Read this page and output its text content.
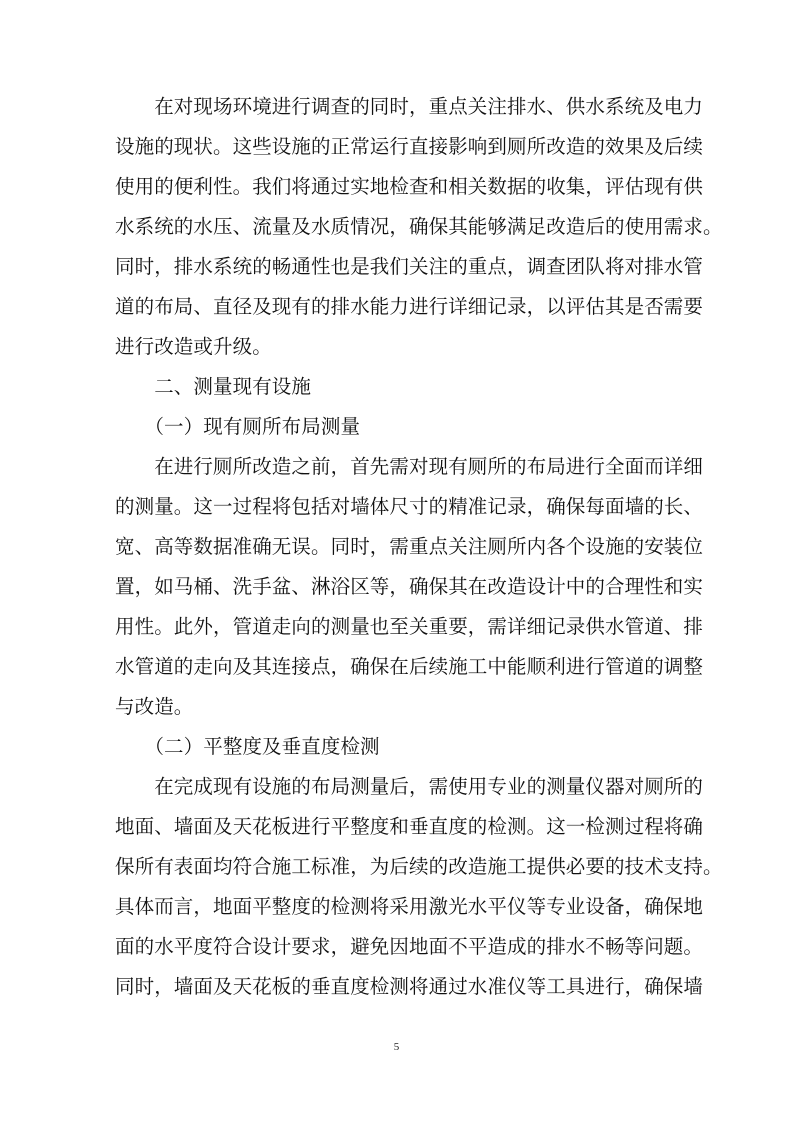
　　在对现场环境进行调查的同时，重点关注排水、供水系统及电力
设施的现状。这些设施的正常运行直接影响到厕所改造的效果及后续
使用的便利性。我们将通过实地检查和相关数据的收集，评估现有供
水系统的水压、流量及水质情况，确保其能够满足改造后的使用需求。
同时，排水系统的畅通性也是我们关注的重点，调查团队将对排水管
道的布局、直径及现有的排水能力进行详细记录，以评估其是否需要
进行改造或升级。
　　二、测量现有设施
　　（一）现有厕所布局测量
　　在进行厕所改造之前，首先需对现有厕所的布局进行全面而详细
的测量。这一过程将包括对墙体尺寸的精准记录，确保每面墙的长、
宽、高等数据准确无误。同时，需重点关注厕所内各个设施的安装位
置，如马桶、洗手盆、淋浴区等，确保其在改造设计中的合理性和实
用性。此外，管道走向的测量也至关重要，需详细记录供水管道、排
水管道的走向及其连接点，确保在后续施工中能顺利进行管道的调整
与改造。
　　（二）平整度及垂直度检测
　　在完成现有设施的布局测量后，需使用专业的测量仪器对厕所的
地面、墙面及天花板进行平整度和垂直度的检测。这一检测过程将确
保所有表面均符合施工标准，为后续的改造施工提供必要的技术支持。
具体而言，地面平整度的检测将采用激光水平仪等专业设备，确保地
面的水平度符合设计要求，避免因地面不平造成的排水不畅等问题。
同时，墙面及天花板的垂直度检测将通过水准仪等工具进行，确保墙
5
